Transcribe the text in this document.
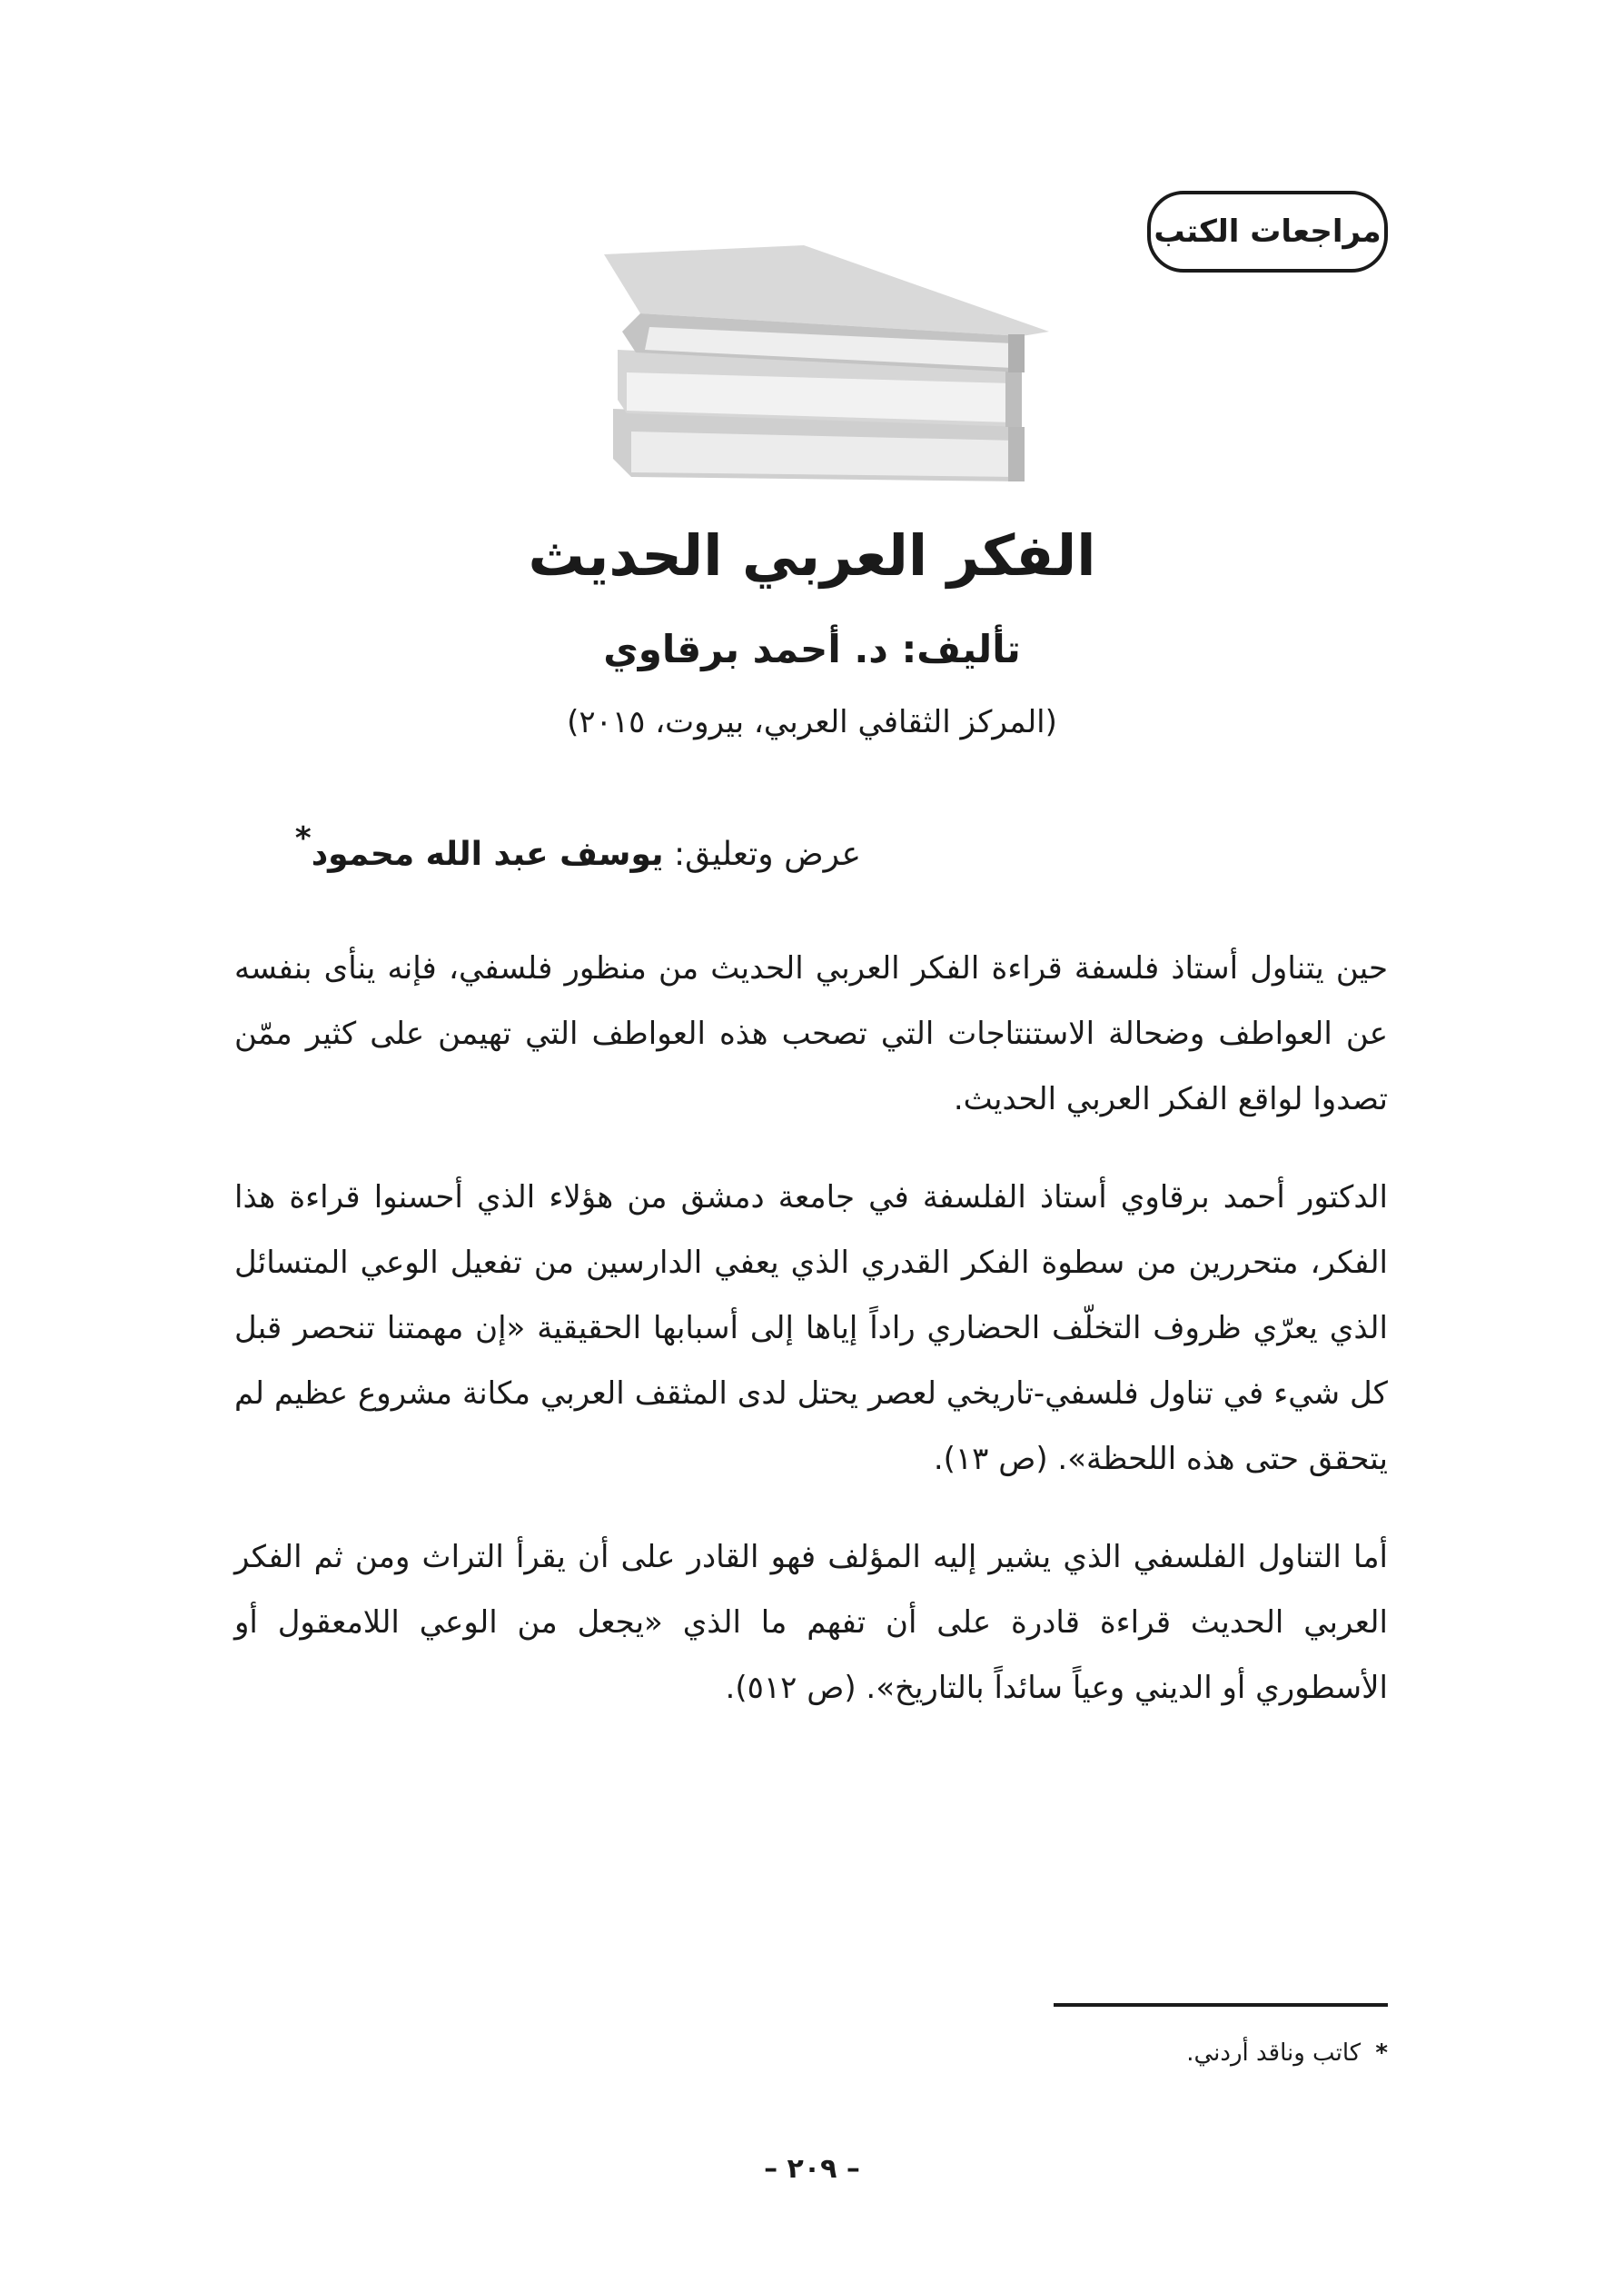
مراجعات الكتب
الفكر العربي الحديث
تأليف: د. أحمد برقاوي
(المركز الثقافي العربي، بيروت، ٢٠١٥)
عرض وتعليق: يوسف عبد الله محمود*

حين يتناول أستاذ فلسفة قراءة الفكر العربي الحديث من منظور فلسفي، فإنه ينأى بنفسه عن العواطف وضحالة الاستنتاجات التي تصحب هذه العواطف التي تهيمن على كثير ممّن تصدوا لواقع الفكر العربي الحديث.

الدكتور أحمد برقاوي أستاذ الفلسفة في جامعة دمشق من هؤلاء الذي أحسنوا قراءة هذا الفكر، متحررين من سطوة الفكر القدري الذي يعفي الدارسين من تفعيل الوعي المتسائل الذي يعرّي ظروف التخلّف الحضاري راداً إياها إلى أسبابها الحقيقية «إن مهمتنا تنحصر قبل كل شيء في تناول فلسفي-تاريخي لعصر يحتل لدى المثقف العربي مكانة مشروع عظيم لم يتحقق حتى هذه اللحظة». (ص ١٣).

أما التناول الفلسفي الذي يشير إليه المؤلف فهو القادر على أن يقرأ التراث ومن ثم الفكر العربي الحديث قراءة قادرة على أن تفهم ما الذي «يجعل من الوعي اللامعقول أو الأسطوري أو الديني وعياً سائداً بالتاريخ». (ص ٥١٢).

* كاتب وناقد أردني.
– ٢٠٩ –
